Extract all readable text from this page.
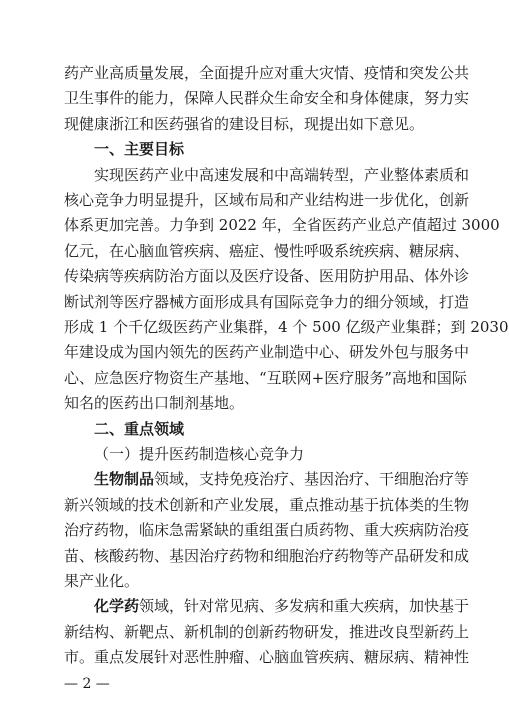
药产业高质量发展，全面提升应对重大灾情、疫情和突发公共
卫生事件的能力，保障人民群众生命安全和身体健康，努力实
现健康浙江和医药强省的建设目标，现提出如下意见。
一、主要目标
实现医药产业中高速发展和中高端转型，产业整体素质和
核心竞争力明显提升，区域布局和产业结构进一步优化，创新
体系更加完善。力争到 2022 年，全省医药产业总产值超过 3000
亿元，在心脑血管疾病、癌症、慢性呼吸系统疾病、糖尿病、
传染病等疾病防治方面以及医疗设备、医用防护用品、体外诊
断试剂等医疗器械方面形成具有国际竞争力的细分领域，打造
形成 1 个千亿级医药产业集群，4 个 500 亿级产业集群；到 2030
年建设成为国内领先的医药产业制造中心、研发外包与服务中
心、应急医疗物资生产基地、“互联网+医疗服务”高地和国际
知名的医药出口制剂基地。
二、重点领域
（一）提升医药制造核心竞争力
生物制品领域，支持免疫治疗、基因治疗、干细胞治疗等
新兴领域的技术创新和产业发展，重点推动基于抗体类的生物
治疗药物，临床急需紧缺的重组蛋白质药物、重大疾病防治疫
苗、核酸药物、基因治疗药物和细胞治疗药物等产品研发和成
果产业化。
化学药领域，针对常见病、多发病和重大疾病，加快基于
新结构、新靶点、新机制的创新药物研发，推进改良型新药上
市。重点发展针对恶性肿瘤、心脑血管疾病、糖尿病、精神性
— 2 —
